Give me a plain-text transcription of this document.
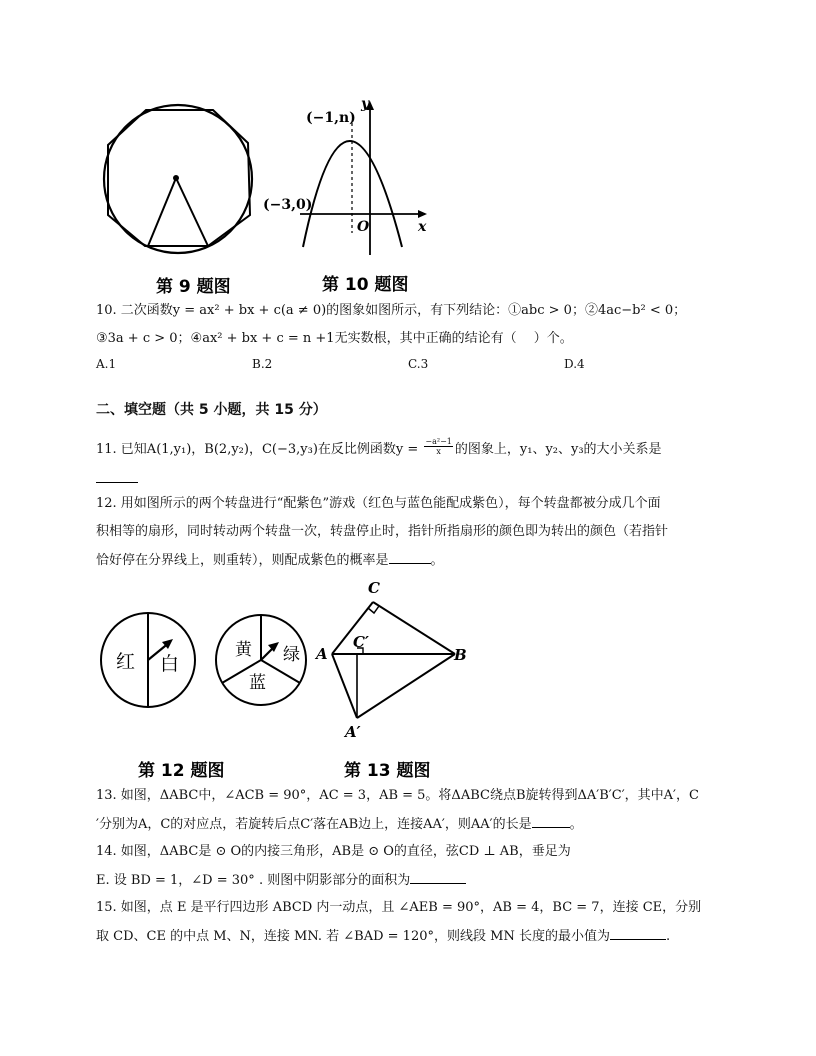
第 9 题图
y
(−1,n)
(−3,0)
O	x
第 10 题图
10. 二次函数y = ax² + bx + c(a ≠ 0)的图象如图所示，有下列结论：①abc > 0；②4ac−b² < 0；
③3a + c > 0；④ax² + bx + c = n +1无实数根，其中正确的结论有（　 ）个。
A.1	B.2	C.3	D.4
二、填空题（共 5 小题，共 15 分）
11. 已知A(1,y₁)，B(2,y₂)，C(−3,y₃)在反比例函数$y = \frac{\text{−a²−1}}{x}$ 的图象上，y₁、y₂、y₃的大小关系是
12. 用如图所示的两个转盘进行“配紫色”游戏（红色与蓝色能配成紫色），每个转盘都被分成几个面
积相等的扇形，同时转动两个转盘一次，转盘停止时，指针所指扇形的颜色即为转出的颜色（若指针
恰好停在分界线上，则重转），则配成紫色的概率是	。
红 白
黄 绿
蓝
第 12 题图
C
C′
A	B
A′
第 13 题图
13. 如图，ΔABC中，∠ACB = 90°，AC = 3，AB = 5。将ΔABC绕点B旋转得到ΔA′B′C′，其中A′，C
′分别为A，C的对应点，若旋转后点C′落在AB边上，连接AA′，则AA′的长是	。
14. 如图，ΔABC是 ⊙ O的内接三角形，AB是 ⊙ O的直径，弦CD ⊥ AB，垂足为
E. 设 BD = 1，∠D = 30° . 则图中阴影部分的面积为
15. 如图，点 E 是平行四边形 ABCD 内一动点，且 ∠AEB = 90°，AB = 4，BC = 7，连接 CE，分别
取 CD、CE 的中点 M、N，连接 MN. 若 ∠BAD = 120°，则线段 MN 长度的最小值为	.
